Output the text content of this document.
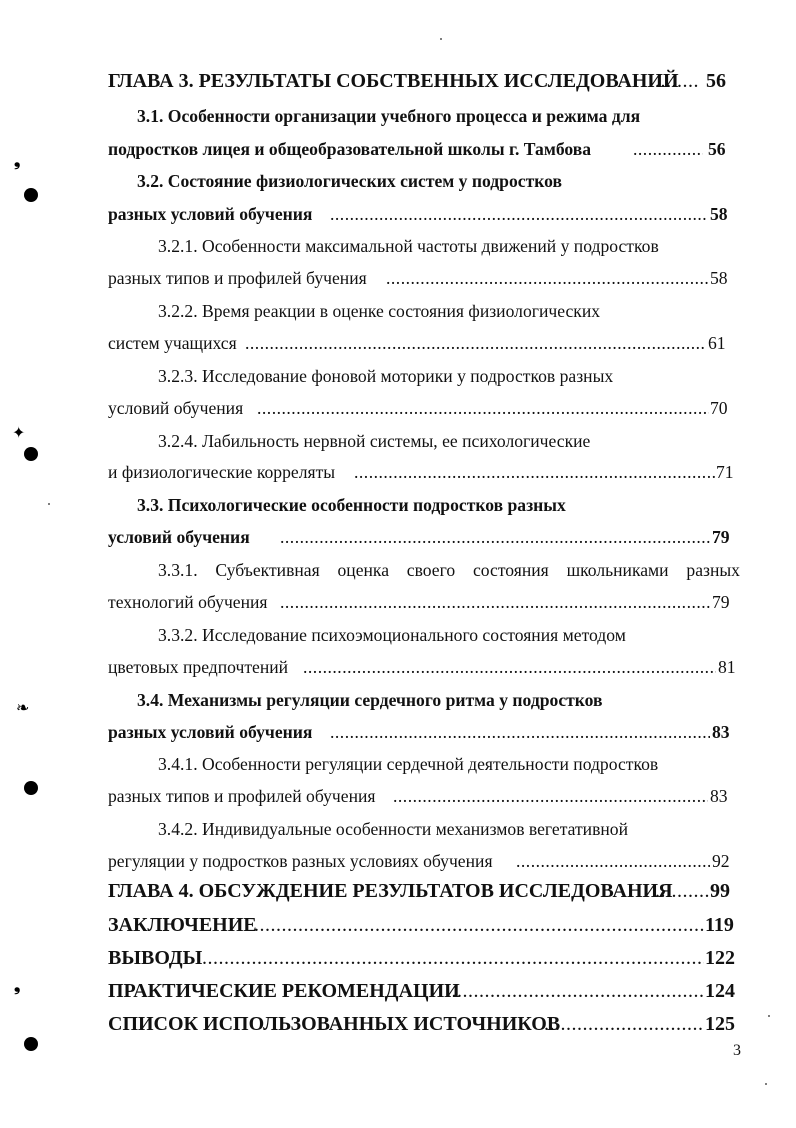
❟
✦
❧
❟
ГЛАВА 3. РЕЗУЛЬТАТЫ СОБСТВЕННЫХ ИССЛЕДОВАНИЙ ..... 56
3.1. Особенности организации учебного процесса и режима для
подростков лицея и общеобразовательной школы г. Тамбова .....	56
3.2. Состояние физиологических систем у подростков
разных условий обучения .....	58
3.2.1. Особенности максимальной частоты движений у подростков
разных типов и профилей бучения .....	58
3.2.2. Время реакции в оценке состояния физиологических
систем учащихся .....	61
3.2.3. Исследование фоновой моторики у подростков разных
условий обучения .....	70
3.2.4. Лабильность нервной системы, ее психологические
и физиологические корреляты .....	71
3.3. Психологические особенности подростков разных
условий обучения .....	79
3.3.1. Субъективная оценка своего состояния школьниками разных
технологий обучения .....	79
3.3.2. Исследование психоэмоционального состояния методом
цветовых предпочтений .....	81
3.4. Механизмы регуляции сердечного ритма у подростков
разных условий обучения .....	83
3.4.1. Особенности регуляции сердечной деятельности подростков
разных типов и профилей обучения .....	83
3.4.2. Индивидуальные особенности механизмов вегетативной
регуляции у подростков разных условиях обучения .....	92
ГЛАВА 4. ОБСУЖДЕНИЕ РЕЗУЛЬТАТОВ ИССЛЕДОВАНИЯ ..... 99
ЗАКЛЮЧЕНИЕ .....	119
ВЫВОДЫ .....	122
ПРАКТИЧЕСКИЕ РЕКОМЕНДАЦИИ .....	124
СПИСОК ИСПОЛЬЗОВАННЫХ ИСТОЧНИКОВ .....	125
3
